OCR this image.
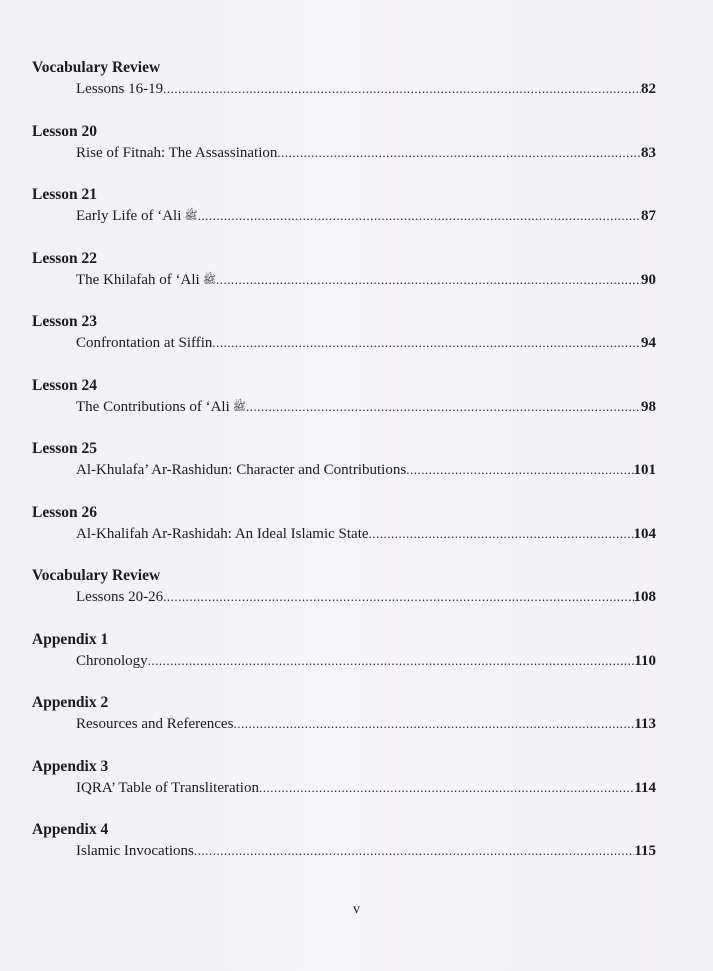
Vocabulary Review
Lessons 16-19 .....	82
Lesson 20
Rise of Fitnah: The Assassination .....	83
Lesson 21
Early Life of ‘Ali ﷺ .....	87
Lesson 22
The Khilafah of ‘Ali ﷺ .....	90
Lesson 23
Confrontation at Siffin .....	94
Lesson 24
The Contributions of ‘Ali ﷺ .....	98
Lesson 25
Al-Khulafa’ Ar-Rashidun: Character and Contributions .....	101
Lesson 26
Al-Khalifah Ar-Rashidah: An Ideal Islamic State .....	104
Vocabulary Review
Lessons 20-26 .....	108
Appendix 1
Chronology .....	110
Appendix 2
Resources and References .....	113
Appendix 3
IQRA’ Table of Transliteration .....	114
Appendix 4
Islamic Invocations .....	115
v
